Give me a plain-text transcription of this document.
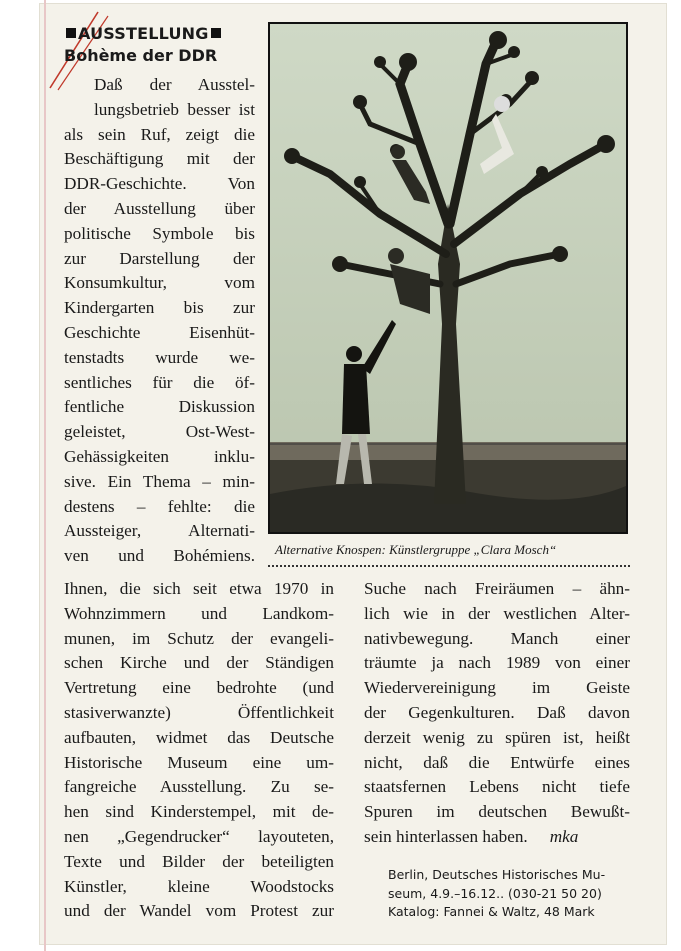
AUSSTELLUNG
Bohème der DDR
Daß der Ausstel-
lungsbetrieb besser ist
als sein Ruf, zeigt die
Beschäftigung mit der
DDR-Geschichte. Von
der Ausstellung über
politische Symbole bis
zur Darstellung der
Konsumkultur, vom
Kindergarten bis zur
Geschichte Eisenhüt-
tenstadts wurde we-
sentliches für die öf-
fentliche Diskussion
geleistet, Ost-West-
Gehässigkeiten inklu-
sive. Ein Thema – min-
destens – fehlte: die
Aussteiger, Alternati-
ven und Bohémiens. Alternative Knospen: Künstlergruppe „Clara Mosch“
Ihnen, die sich seit etwa 1970 in
Wohnzimmern und Landkom-
munen, im Schutz der evangeli-
schen Kirche und der Ständigen
Vertretung eine bedrohte (und
stasiverwanzte) Öffentlichkeit
aufbauten, widmet das Deutsche
Historische Museum eine um-
fangreiche Ausstellung. Zu se-
hen sind Kinderstempel, mit de-
nen „Gegendrucker“ layouteten,
Texte und Bilder der beteiligten
Künstler, kleine Woodstocks
und der Wandel vom Protest zur
Suche nach Freiräumen – ähn-
lich wie in der westlichen Alter-
nativbewegung. Manch einer
träumte ja nach 1989 von einer
Wiedervereinigung im Geiste
der Gegenkulturen. Daß davon
derzeit wenig zu spüren ist, heißt
nicht, daß die Entwürfe eines
staatsfernen Lebens nicht tiefe
Spuren im deutschen Bewußt-
sein hinterlassen haben. mka
Berlin, Deutsches Historisches Mu-
seum, 4.9.–16.12.. (030-21 50 20)
Katalog: Fannei & Waltz, 48 Mark
